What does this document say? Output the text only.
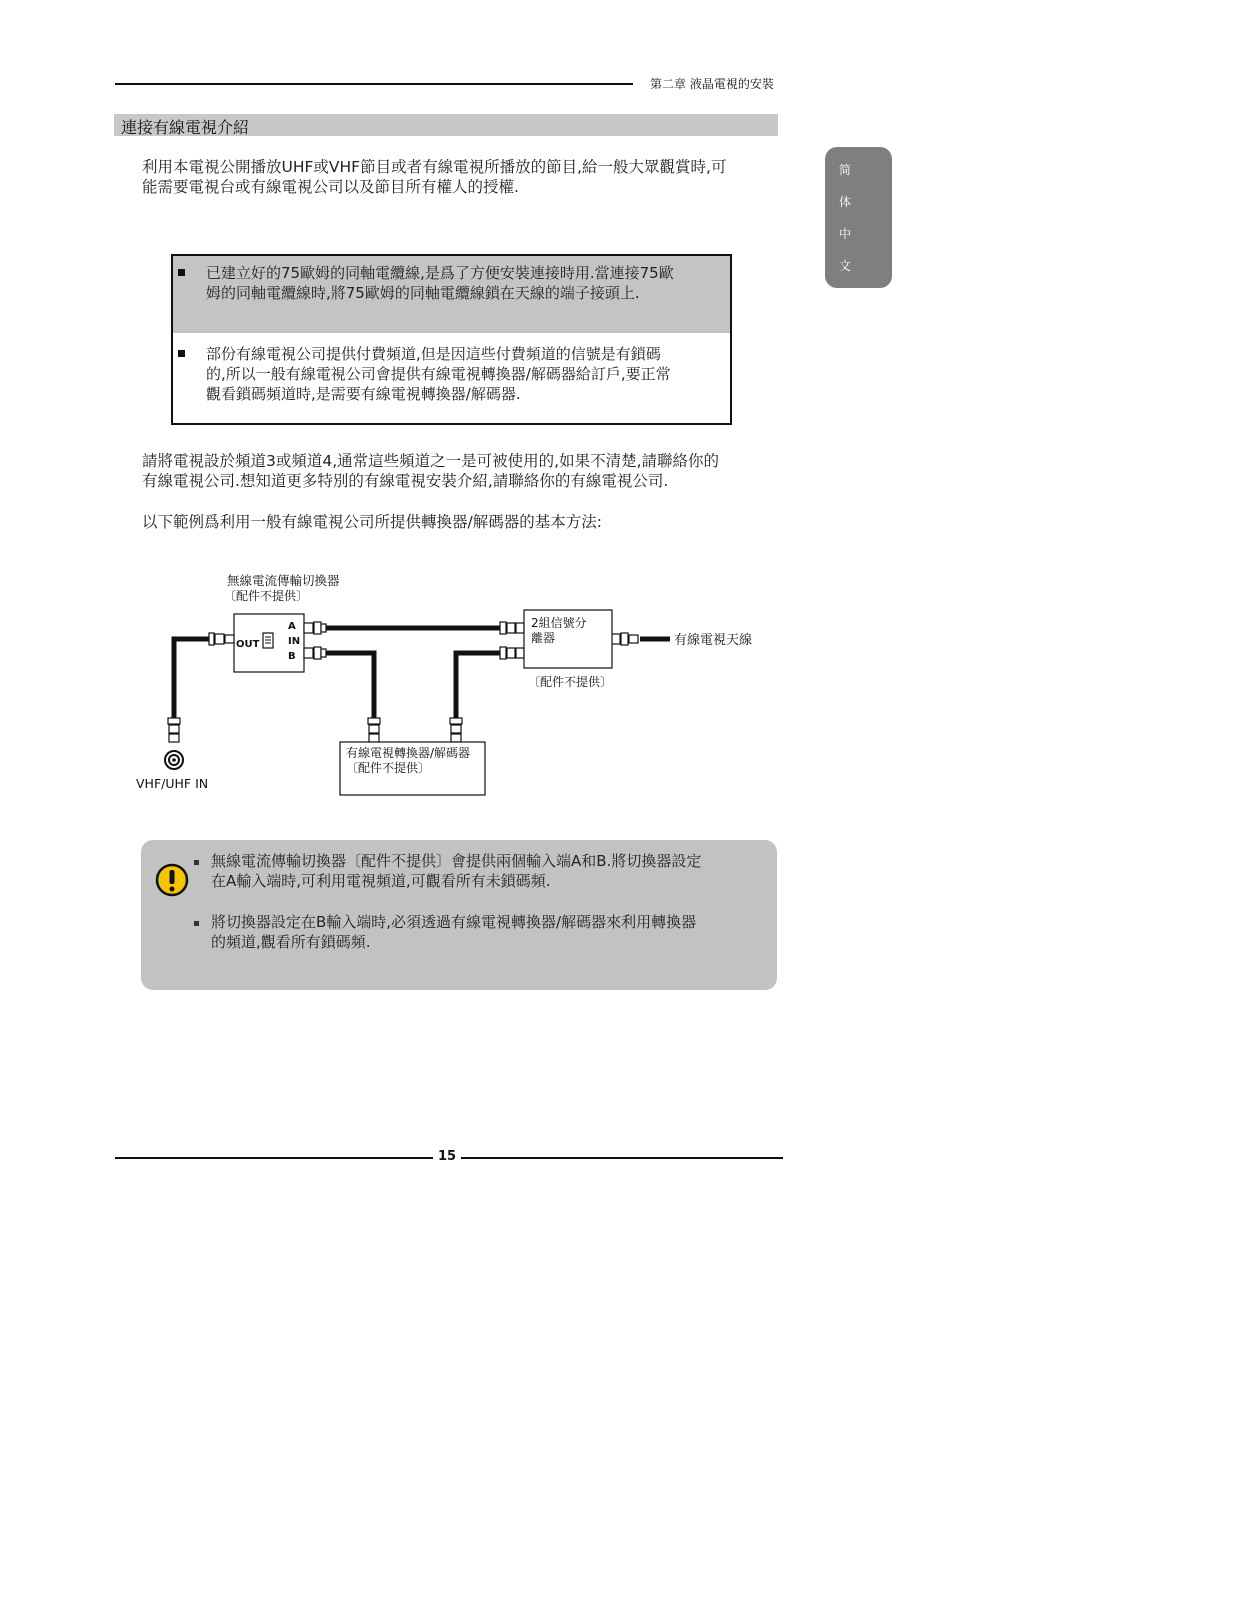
第二章 液晶電視的安裝
連接有線電視介紹
简
体
中
文
利用本電視公開播放UHF或VHF節目或者有線電視所播放的節目,給一般大眾觀賞時,可
能需要電視台或有線電視公司以及節目所有權人的授權.
已建立好的75歐姆的同軸電纜線,是爲了方便安裝連接時用.當連接75歐
姆的同軸電纜線時,將75歐姆的同軸電纜線鎖在天線的端子接頭上.
部份有線電視公司提供付費頻道,但是因這些付費頻道的信號是有鎖碼
的,所以一般有線電視公司會提供有線電視轉換器/解碼器給訂戶,要正常
觀看鎖碼頻道時,是需要有線電視轉換器/解碼器.
請將電視設於頻道3或頻道4,通常這些頻道之一是可被使用的,如果不清楚,請聯絡你的
有線電視公司.想知道更多特別的有線電視安裝介紹,請聯絡你的有線電視公司.
以下範例爲利用一般有線電視公司所提供轉換器/解碼器的基本方法:
無線電流傳輸切換器
〔配件不提供〕
OUT
A
IN
B
2組信號分
離器
〔配件不提供〕
有線電視天線
有線電視轉換器/解碼器
〔配件不提供〕
VHF/UHF IN
無線電流傳輸切換器〔配件不提供〕會提供兩個輸入端A和B.將切換器設定
在A輸入端時,可利用電視頻道,可觀看所有未鎖碼頻.
將切換器設定在B輸入端時,必須透過有線電視轉換器/解碼器來利用轉換器
的頻道,觀看所有鎖碼頻.
15
